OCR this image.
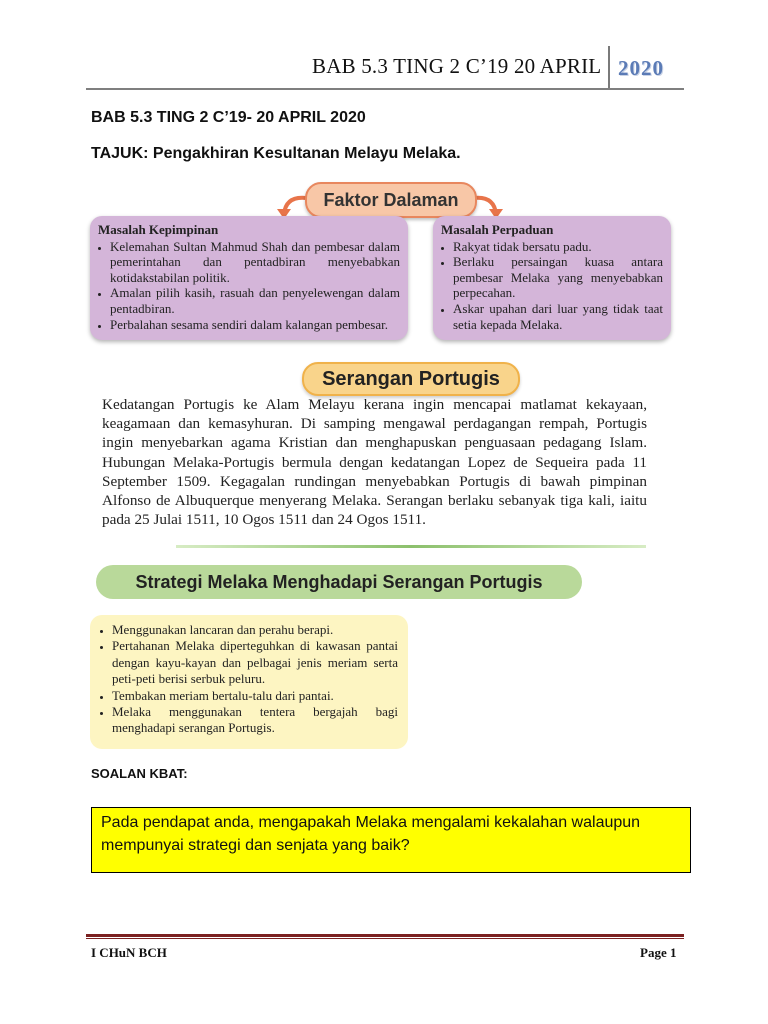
BAB 5.3 TING 2 C’19 20 APRIL 2020
BAB 5.3 TING 2 C’19- 20 APRIL 2020
TAJUK: Pengakhiran Kesultanan Melayu Melaka.
Faktor Dalaman
Masalah Kepimpinan
• Kelemahan Sultan Mahmud Shah dan pembesar dalam pemerintahan dan pentadbiran menyebabkan kotidakstabilan politik.
• Amalan pilih kasih, rasuah dan penyelewengan dalam pentadbiran.
• Perbalahan sesama sendiri dalam kalangan pembesar.
Masalah Perpaduan
• Rakyat tidak bersatu padu.
• Berlaku persaingan kuasa antara pembesar Melaka yang menyebabkan perpecahan.
• Askar upahan dari luar yang tidak taat setia kepada Melaka.
Serangan Portugis
Kedatangan Portugis ke Alam Melayu kerana ingin mencapai matlamat kekayaan, keagamaan dan kemasyhuran. Di samping mengawal perdagangan rempah, Portugis ingin menyebarkan agama Kristian dan menghapuskan penguasaan pedagang Islam. Hubungan Melaka-Portugis bermula dengan kedatangan Lopez de Sequeira pada 11 September 1509. Kegagalan rundingan menyebabkan Portugis di bawah pimpinan Alfonso de Albuquerque menyerang Melaka. Serangan berlaku sebanyak tiga kali, iaitu pada 25 Julai 1511, 10 Ogos 1511 dan 24 Ogos 1511.
Strategi Melaka Menghadapi Serangan Portugis
• Menggunakan lancaran dan perahu berapi.
• Pertahanan Melaka diperteguhkan di kawasan pantai dengan kayu-kayan dan pelbagai jenis meriam serta peti-peti berisi serbuk peluru.
• Tembakan meriam bertalu-talu dari pantai.
• Melaka menggunakan tentera bergajah bagi menghadapi serangan Portugis.
SOALAN KBAT:
Pada pendapat anda, mengapakah Melaka mengalami kekalahan walaupun mempunyai strategi dan senjata yang baik?
I CHuN BCH	Page 1
